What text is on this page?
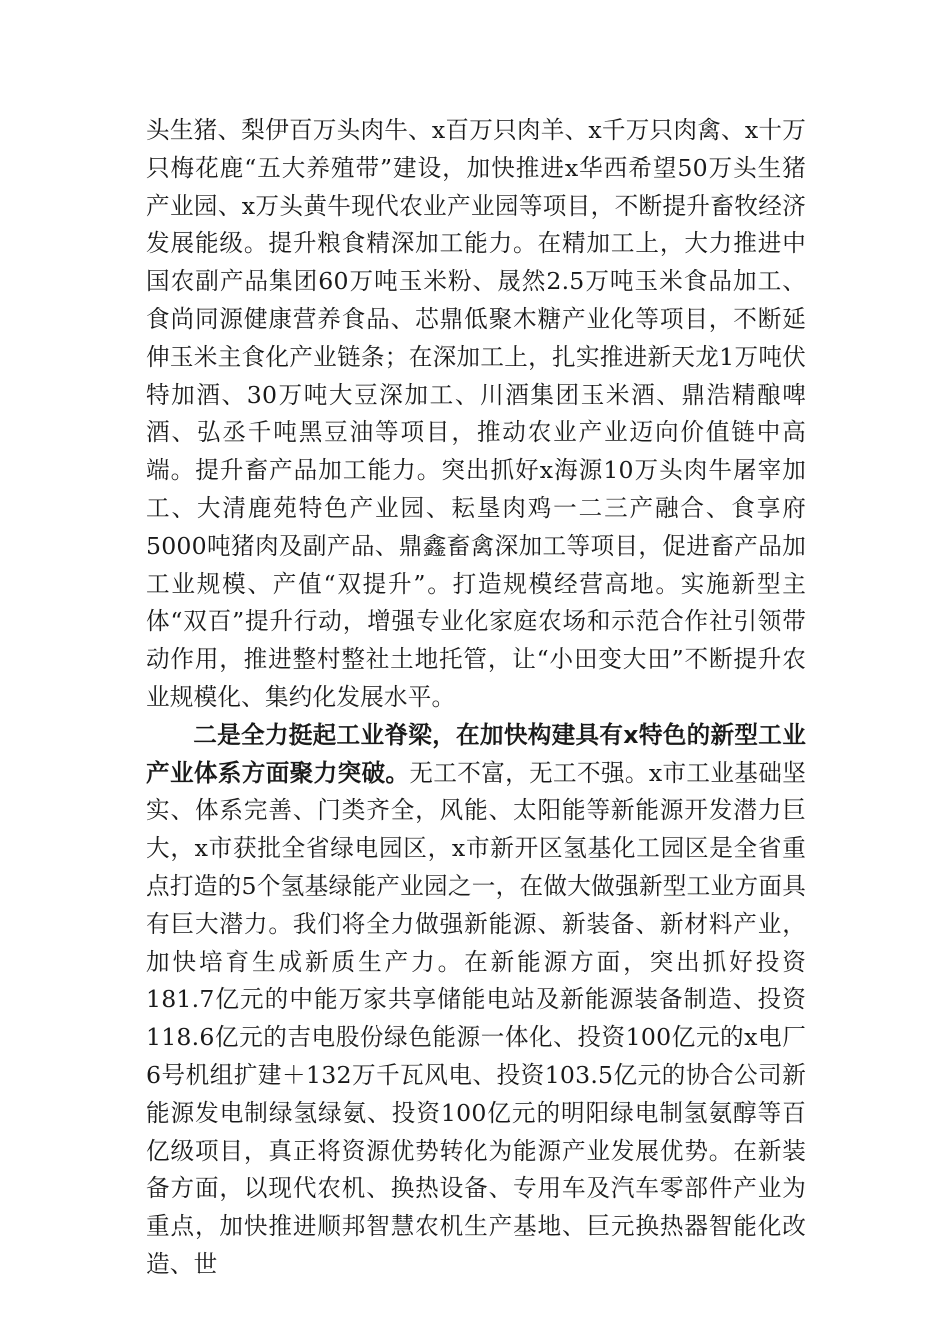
头生猪、梨伊百万头肉牛、x百万只肉羊、x千万只肉禽、x十万只梅花鹿“五大养殖带”建设，加快推进x华西希望50万头生猪产业园、x万头黄牛现代农业产业园等项目，不断提升畜牧经济发展能级。提升粮食精深加工能力。在精加工上，大力推进中国农副产品集团60万吨玉米粉、晟然2.5万吨玉米食品加工、食尚同源健康营养食品、芯鼎低聚木糖产业化等项目，不断延伸玉米主食化产业链条；在深加工上，扎实推进新天龙1万吨伏特加酒、30万吨大豆深加工、川酒集团玉米酒、鼎浩精酿啤酒、弘丞千吨黑豆油等项目，推动农业产业迈向价值链中高端。提升畜产品加工能力。突出抓好x海源10万头肉牛屠宰加工、大清鹿苑特色产业园、耘垦肉鸡一二三产融合、食享府5000吨猪肉及副产品、鼎鑫畜禽深加工等项目，促进畜产品加工业规模、产值“双提升”。打造规模经营高地。实施新型主体“双百”提升行动，增强专业化家庭农场和示范合作社引领带动作用，推进整村整社土地托管，让“小田变大田”不断提升农业规模化、集约化发展水平。

二是全力挺起工业脊梁，在加快构建具有x特色的新型工业产业体系方面聚力突破。无工不富，无工不强。x市工业基础坚实、体系完善、门类齐全，风能、太阳能等新能源开发潜力巨大，x市获批全省绿电园区，x市新开区氢基化工园区是全省重点打造的5个氢基绿能产业园之一，在做大做强新型工业方面具有巨大潜力。我们将全力做强新能源、新装备、新材料产业，加快培育生成新质生产力。在新能源方面，突出抓好投资181.7亿元的中能万家共享储能电站及新能源装备制造、投资118.6亿元的吉电股份绿色能源一体化、投资100亿元的x电厂6号机组扩建＋132万千瓦风电、投资103.5亿元的协合公司新能源发电制绿氢绿氨、投资100亿元的明阳绿电制氢氨醇等百亿级项目，真正将资源优势转化为能源产业发展优势。在新装备方面，以现代农机、换热设备、专用车及汽车零部件产业为重点，加快推进顺邦智慧农机生产基地、巨元换热器智能化改造、世
